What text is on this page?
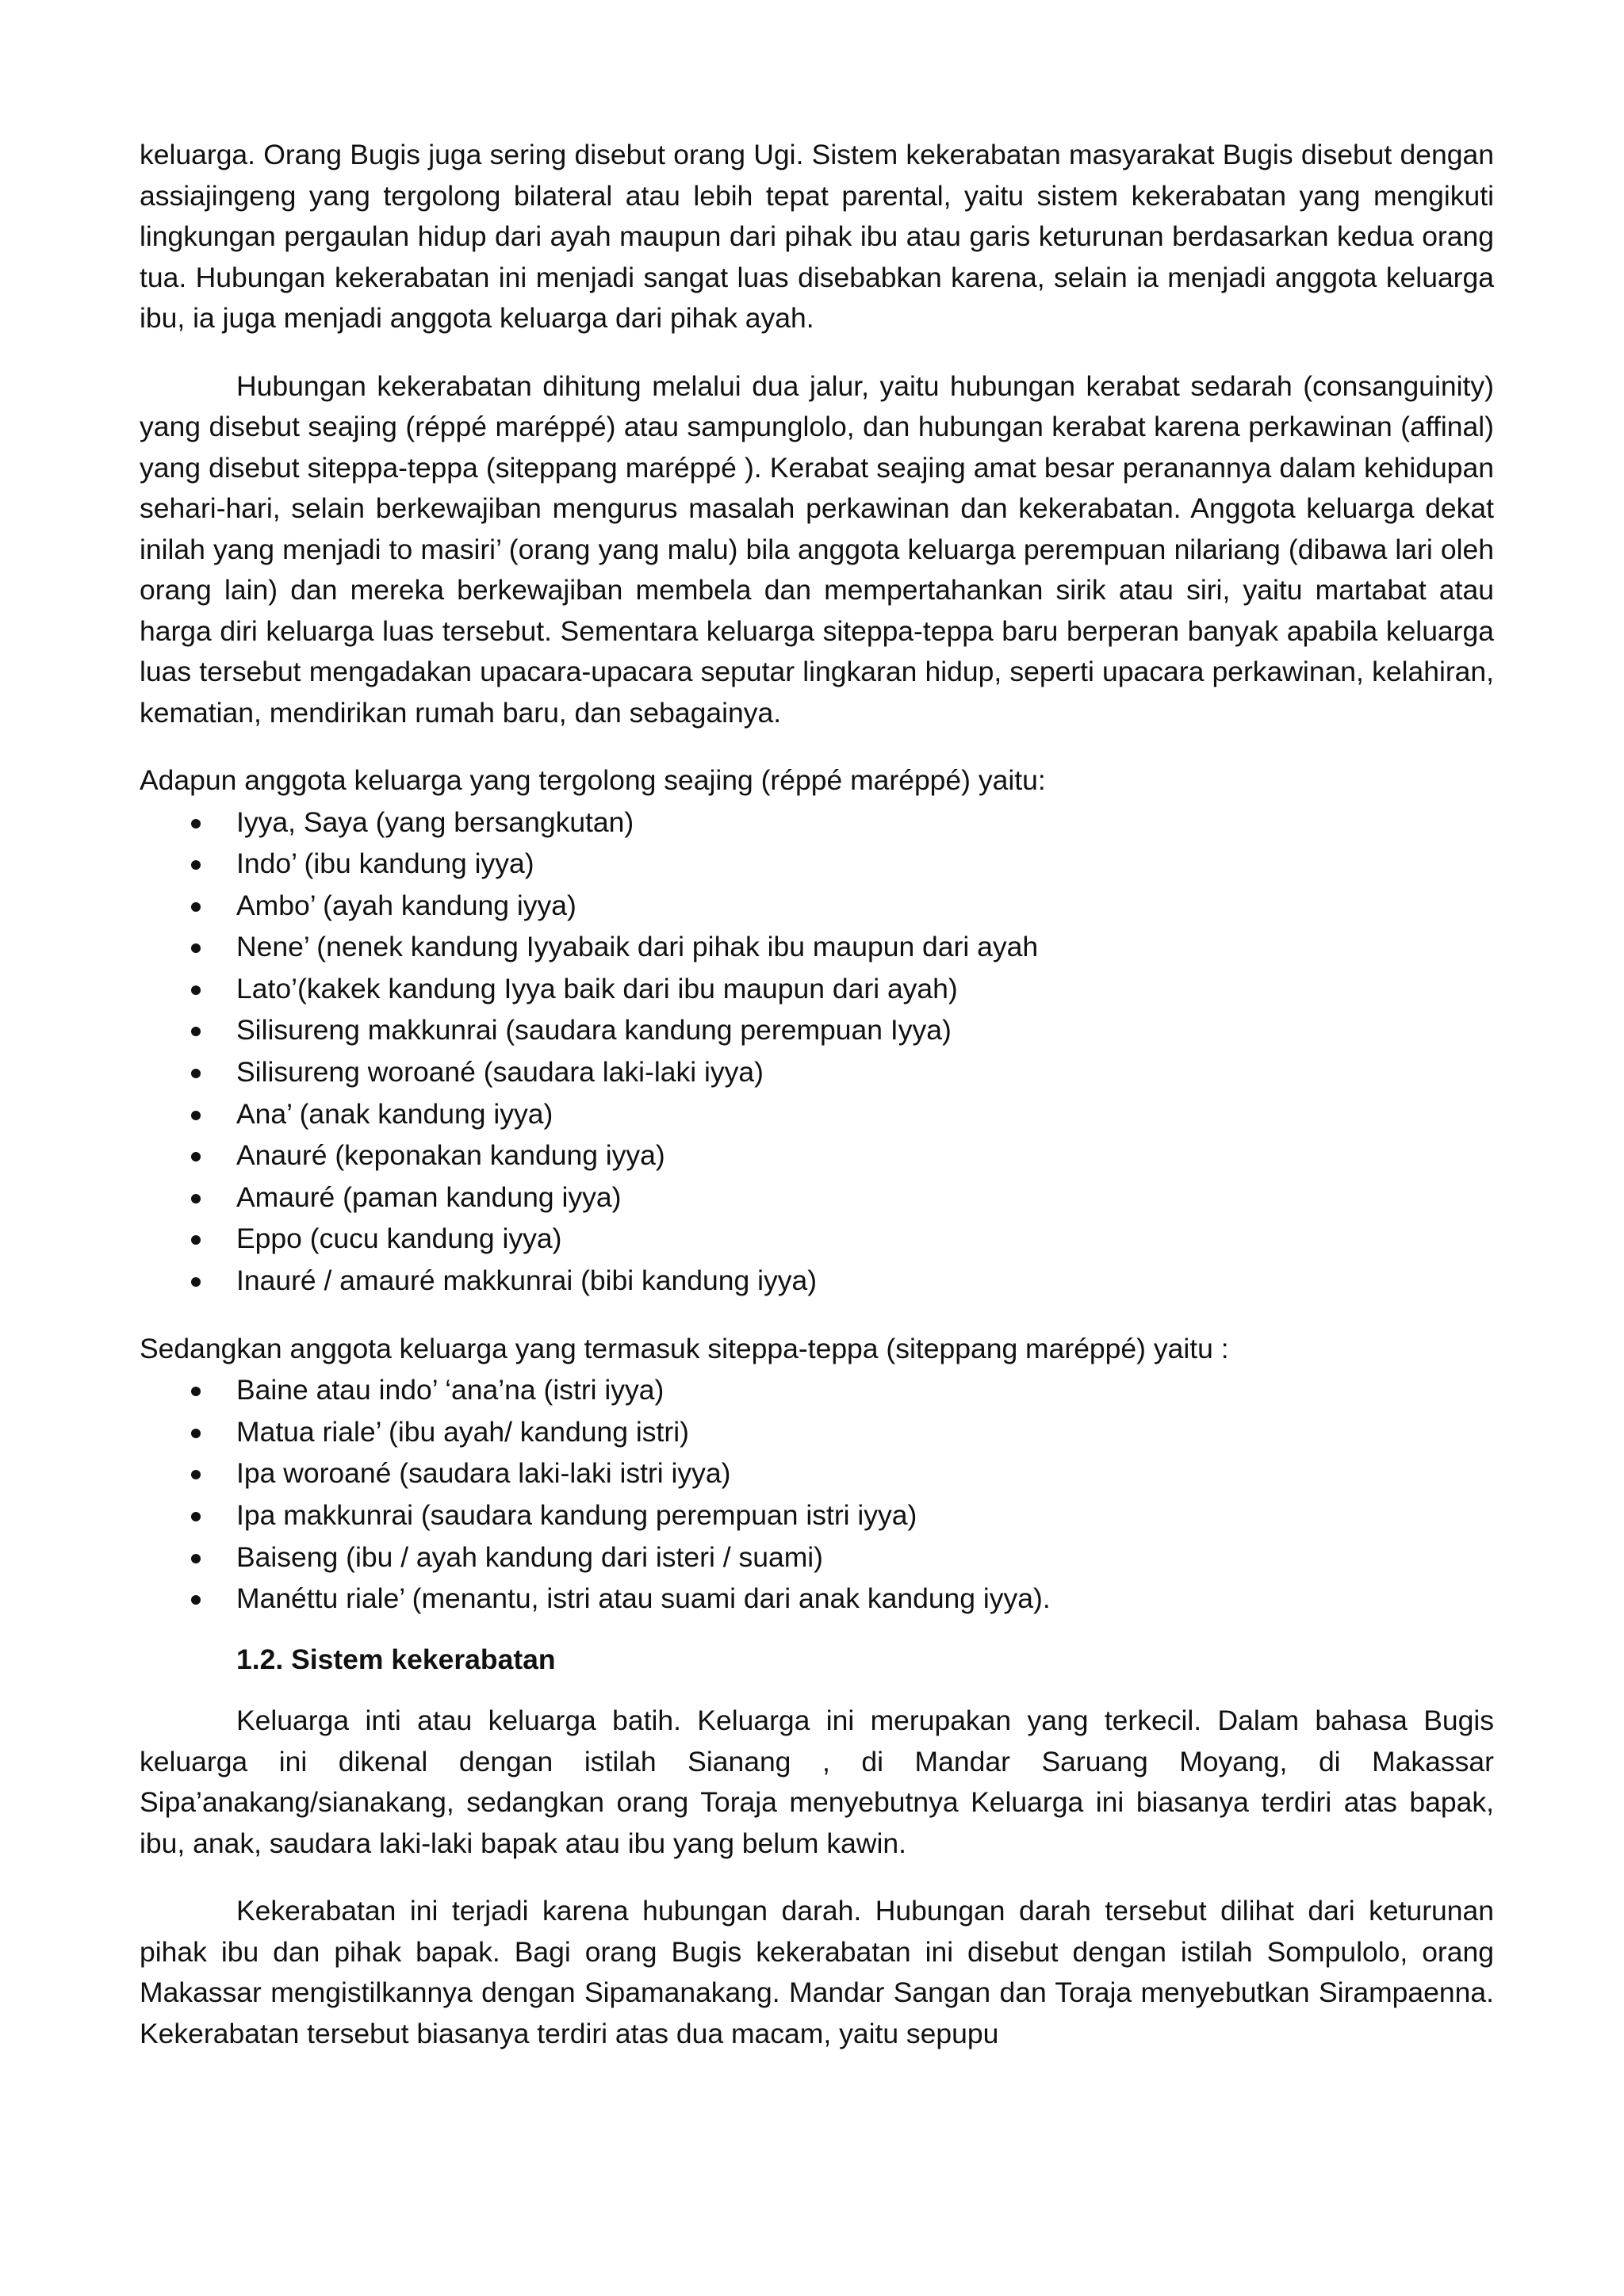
keluarga. Orang Bugis juga sering disebut orang Ugi. Sistem kekerabatan masyarakat Bugis disebut dengan assiajingeng yang tergolong bilateral atau lebih tepat parental, yaitu sistem kekerabatan yang mengikuti lingkungan pergaulan hidup dari ayah maupun dari pihak ibu atau garis keturunan berdasarkan kedua orang tua. Hubungan kekerabatan ini menjadi sangat luas disebabkan karena, selain ia menjadi anggota keluarga ibu, ia juga menjadi anggota keluarga dari pihak ayah.

Hubungan kekerabatan dihitung melalui dua jalur, yaitu hubungan kerabat sedarah (consanguinity) yang disebut seajing (réppé maréppé) atau sampunglolo, dan hubungan kerabat karena perkawinan (affinal) yang disebut siteppa-teppa (siteppang maréppé ). Kerabat seajing amat besar peranannya dalam kehidupan sehari-hari, selain berkewajiban mengurus masalah perkawinan dan kekerabatan. Anggota keluarga dekat inilah yang menjadi to masiri’ (orang yang malu) bila anggota keluarga perempuan nilariang (dibawa lari oleh orang lain) dan mereka berkewajiban membela dan mempertahankan sirik atau siri, yaitu martabat atau harga diri keluarga luas tersebut. Sementara keluarga siteppa-teppa baru berperan banyak apabila keluarga luas tersebut mengadakan upacara-upacara seputar lingkaran hidup, seperti upacara perkawinan, kelahiran, kematian, mendirikan rumah baru, dan sebagainya.

Adapun anggota keluarga yang tergolong seajing (réppé maréppé) yaitu:

Iyya, Saya (yang bersangkutan)
Indo’ (ibu kandung iyya)
Ambo’ (ayah kandung iyya)
Nene’ (nenek kandung Iyyabaik dari pihak ibu maupun dari ayah
Lato’(kakek kandung Iyya baik dari ibu maupun dari ayah)
Silisureng makkunrai (saudara kandung perempuan Iyya)
Silisureng woroané (saudara laki-laki iyya)
Ana’ (anak kandung iyya)
Anauré (keponakan kandung iyya)
Amauré (paman kandung iyya)
Eppo (cucu kandung iyya)
Inauré / amauré makkunrai (bibi kandung iyya)

Sedangkan anggota keluarga yang termasuk siteppa-teppa (siteppang maréppé) yaitu :

Baine atau indo’ ‘ana’na (istri iyya)
Matua riale’ (ibu ayah/ kandung istri)
Ipa woroané (saudara laki-laki istri iyya)
Ipa makkunrai (saudara kandung perempuan istri iyya)
Baiseng (ibu / ayah kandung dari isteri / suami)
Manéttu riale’ (menantu, istri atau suami dari anak kandung iyya).
1.2. Sistem kekerabatan

Keluarga inti atau keluarga batih. Keluarga ini merupakan yang terkecil. Dalam bahasa Bugis keluarga ini dikenal dengan istilah Sianang , di Mandar Saruang Moyang, di Makassar Sipa’anakang/sianakang, sedangkan orang Toraja menyebutnya Keluarga ini biasanya terdiri atas bapak, ibu, anak, saudara laki-laki bapak atau ibu yang belum kawin.

Kekerabatan ini terjadi karena hubungan darah. Hubungan darah tersebut dilihat dari keturunan pihak ibu dan pihak bapak. Bagi orang Bugis kekerabatan ini disebut dengan istilah Sompulolo, orang Makassar mengistilkannya dengan Sipamanakang. Mandar Sangan dan Toraja menyebutkan Sirampaenna. Kekerabatan tersebut biasanya terdiri atas dua macam, yaitu sepupu
